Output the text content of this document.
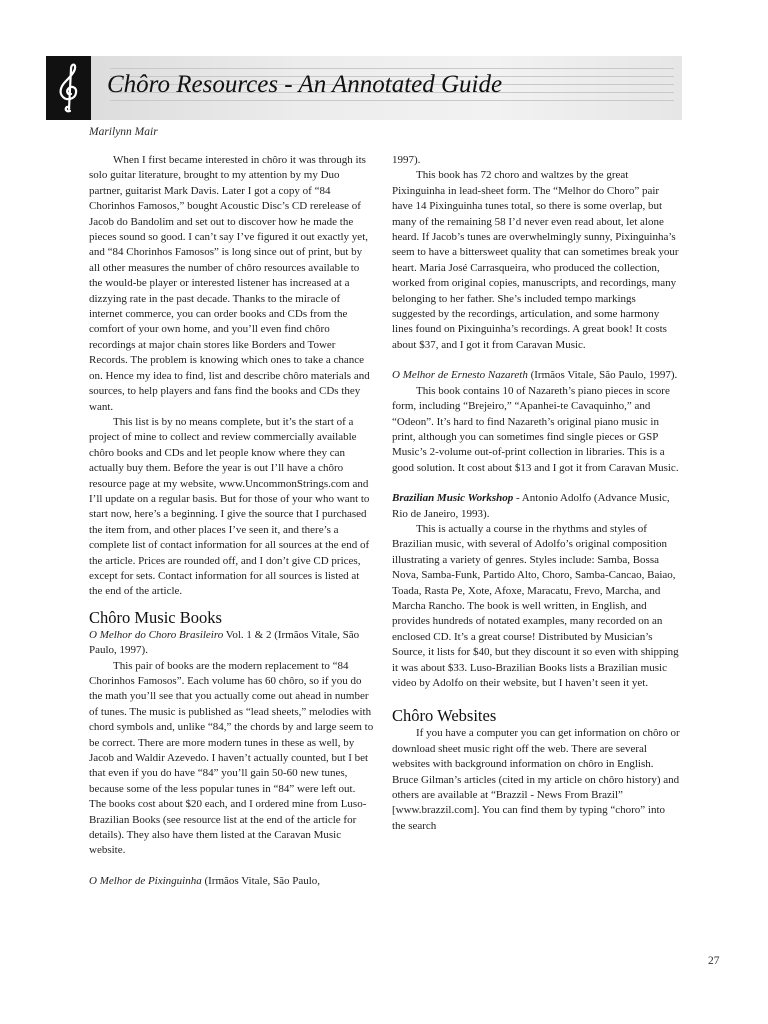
Chôro Resources - An Annotated Guide
Marilynn Mair

When I first became interested in chôro it was through its solo guitar literature, brought to my attention by my Duo partner, guitarist Mark Davis. Later I got a copy of “84 Chorinhos Famosos,” bought Acoustic Disc’s CD rerelease of Jacob do Bandolim and set out to discover how he made the pieces sound so good. I can’t say I’ve figured it out exactly yet, and “84 Chorinhos Famosos” is long since out of print, but by all other measures the number of chôro resources available to the would-be player or interested listener has increased at a dizzying rate in the past decade. Thanks to the miracle of internet commerce, you can order books and CDs from the comfort of your own home, and you’ll even find chôro recordings at major chain stores like Borders and Tower Records. The problem is knowing which ones to take a chance on. Hence my idea to find, list and describe chôro materials and sources, to help players and fans find the books and CDs they want.

This list is by no means complete, but it’s the start of a project of mine to collect and review commercially available chôro books and CDs and let people know where they can actually buy them. Before the year is out I’ll have a chôro resource page at my website, www.UncommonStrings.com and I’ll update on a regular basis. But for those of your who want to start now, here’s a beginning. I give the source that I purchased the item from, and other places I’ve seen it, and there’s a complete list of contact information for all sources at the end of the article. Prices are rounded off, and I don’t give CD prices, except for sets. Contact information for all sources is listed at the end of the article.

Chôro Music Books

O Melhor do Choro Brasileiro Vol. 1 & 2 (Irmãos Vitale, São Paulo, 1997).

This pair of books are the modern replacement to “84 Chorinhos Famosos”. Each volume has 60 chôro, so if you do the math you’ll see that you actually come out ahead in number of tunes. The music is published as “lead sheets,” melodies with chord symbols and, unlike “84,” the chords by and large seem to be correct. There are more modern tunes in these as well, by Jacob and Waldir Azevedo. I haven’t actually counted, but I bet that even if you do have “84” you’ll gain 50-60 new tunes, because some of the less popular tunes in “84” were left out. The books cost about $20 each, and I ordered mine from Luso-Brazilian Books (see resource list at the end of the article for details). They also have them listed at the Caravan Music website.

O Melhor de Pixinguinha (Irmãos Vitale, São Paulo,

1997).

This book has 72 choro and waltzes by the great Pixinguinha in lead-sheet form. The “Melhor do Choro” pair have 14 Pixinguinha tunes total, so there is some overlap, but many of the remaining 58 I’d never even read about, let alone heard. If Jacob’s tunes are overwhelmingly sunny, Pixinguinha’s seem to have a bittersweet quality that can sometimes break your heart. Maria José Carrasqueira, who produced the collection, worked from original copies, manuscripts, and recordings, many belonging to her father. She’s included tempo markings suggested by the recordings, articulation, and some harmony lines found on Pixinguinha’s recordings. A great book! It costs about $37, and I got it from Caravan Music.

O Melhor de Ernesto Nazareth (Irmãos Vitale, São Paulo, 1997).

This book contains 10 of Nazareth’s piano pieces in score form, including “Brejeiro,” “Apanhei-te Cavaquinho,” and “Odeon”. It’s hard to find Nazareth’s original piano music in print, although you can sometimes find single pieces or GSP Music’s 2-volume out-of-print collection in libraries. This is a good solution. It cost about $13 and I got it from Caravan Music.

Brazilian Music Workshop - Antonio Adolfo (Advance Music, Rio de Janeiro, 1993).

This is actually a course in the rhythms and styles of Brazilian music, with several of Adolfo’s original composition illustrating a variety of genres. Styles include: Samba, Bossa Nova, Samba-Funk, Partido Alto, Choro, Samba-Cancao, Baiao, Toada, Rasta Pe, Xote, Afoxe, Maracatu, Frevo, Marcha, and Marcha Rancho. The book is well written, in English, and provides hundreds of notated examples, many recorded on an enclosed CD. It’s a great course! Distributed by Musician’s Source, it lists for $40, but they discount it so even with shipping it was about $33. Luso-Brazilian Books lists a Brazilian music video by Adolfo on their website, but I haven’t seen it yet.

Chôro Websites

If you have a computer you can get information on chôro or download sheet music right off the web. There are several websites with background information on chôro in English. Bruce Gilman’s articles (cited in my article on chôro history) and others are available at “Brazzil - News From Brazil” [www.brazzil.com]. You can find them by typing “choro” into the search

27
